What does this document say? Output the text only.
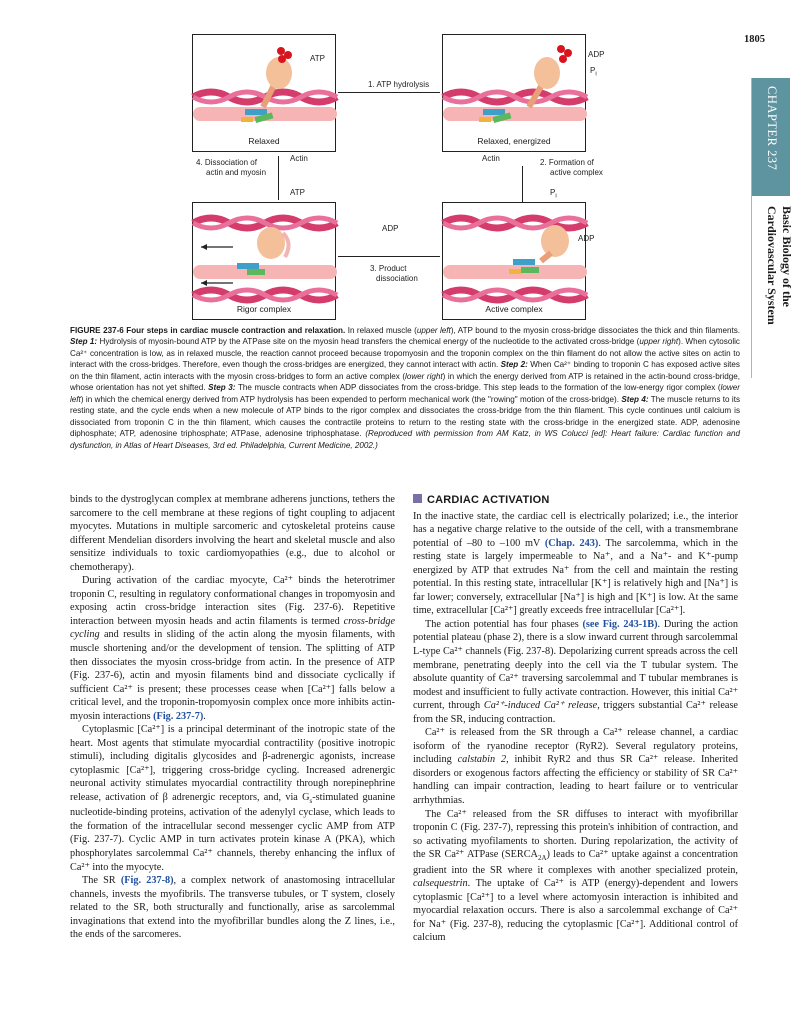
1805
CHAPTER 237
Basic Biology of the Cardiovascular System
Relaxed	Relaxed, energized
Rigor complex	Active complex
ATP	ADP
$P_i$
1. ATP hydrolysis
4. Dissociation of
actin and myosin
Actin
ATP
Actin	2. Formation of
active complex
$P_i$
ADP
ADP
3. Product
dissociation
FIGURE 237-6 Four steps in cardiac muscle contraction and relaxation. In relaxed muscle (upper left), ATP bound to the myosin cross-bridge dissociates the thick and thin filaments. Step 1: Hydrolysis of myosin-bound ATP by the ATPase site on the myosin head transfers the chemical energy of the nucleotide to the activated cross-bridge (upper right). When cytosolic Ca²⁺ concentration is low, as in relaxed muscle, the reaction cannot proceed because tropomyosin and the troponin complex on the thin filament do not allow the active sites on actin to interact with the cross-bridges. Therefore, even though the cross-bridges are energized, they cannot interact with actin. Step 2: When Ca²⁺ binding to troponin C has exposed active sites on the thin filament, actin interacts with the myosin cross-bridges to form an active complex (lower right) in which the energy derived from ATP is retained in the actin-bound cross-bridge, whose orientation has not yet shifted. Step 3: The muscle contracts when ADP dissociates from the cross-bridge. This step leads to the formation of the low-energy rigor complex (lower left) in which the chemical energy derived from ATP hydrolysis has been expended to perform mechanical work (the "rowing" motion of the cross-bridge). Step 4: The muscle returns to its resting state, and the cycle ends when a new molecule of ATP binds to the rigor complex and dissociates the cross-bridge from the thin filament. This cycle continues until calcium is dissociated from troponin C in the thin filament, which causes the contractile proteins to return to the resting state with the cross-bridge in the energized state. ADP, adenosine diphosphate; ATP, adenosine triphosphate; ATPase, adenosine triphosphatase. (Reproduced with permission from AM Katz, in WS Colucci [ed]: Heart failure: Cardiac function and dysfunction, in Atlas of Heart Diseases, 3rd ed. Philadelphia, Current Medicine, 2002.)

binds to the dystroglycan complex at membrane adherens junctions, tethers the sarcomere to the cell membrane at these regions of tight coupling to adjacent myocytes. Mutations in multiple sarcomeric and cytoskeletal proteins cause different Mendelian disorders involving the heart and skeletal muscle and also sensitize individuals to toxic cardiomyopathies (e.g., due to alcohol or chemotherapy).

During activation of the cardiac myocyte, Ca²⁺ binds the heterotrimer troponin C, resulting in regulatory conformational changes in tropomyosin and exposing actin cross-bridge interaction sites (Fig. 237-6). Repetitive interaction between myosin heads and actin filaments is termed cross-bridge cycling and results in sliding of the actin along the myosin filaments, with muscle shortening and/or the development of tension. The splitting of ATP then dissociates the myosin cross-bridge from actin. In the presence of ATP (Fig. 237-6), actin and myosin filaments bind and dissociate cyclically if sufficient Ca²⁺ is present; these processes cease when [Ca²⁺] falls below a critical level, and the troponin-tropomyosin complex once more inhibits actin-myosin interactions (Fig. 237-7).

Cytoplasmic [Ca²⁺] is a principal determinant of the inotropic state of the heart. Most agents that stimulate myocardial contractility (positive inotropic stimuli), including digitalis glycosides and β-adrenergic agonists, increase cytoplasmic [Ca²⁺], triggering cross-bridge cycling. Increased adrenergic neuronal activity stimulates myocardial contractility through norepinephrine release, activation of β adrenergic receptors, and, via $G_s$-stimulated guanine nucleotide-binding proteins, activation of the adenylyl cyclase, which leads to the formation of the intracellular second messenger cyclic AMP from ATP (Fig. 237-7). Cyclic AMP in turn activates protein kinase A (PKA), which phosphorylates sarcolemmal Ca²⁺ channels, thereby enhancing the influx of Ca²⁺ into the myocyte.

The SR (Fig. 237-8), a complex network of anastomosing intracellular channels, invests the myofibrils. The transverse tubules, or T system, closely related to the SR, both structurally and functionally, arise as sarcolemmal invaginations that extend into the myofibrillar bundles along the Z lines, i.e., the ends of the sarcomeres.

CARDIAC ACTIVATION

In the inactive state, the cardiac cell is electrically polarized; i.e., the interior has a negative charge relative to the outside of the cell, with a transmembrane potential of –80 to –100 mV (Chap. 243). The sarcolemma, which in the resting state is largely impermeable to Na⁺, and a Na⁺- and K⁺-pump energized by ATP that extrudes Na⁺ from the cell and maintain the resting potential. In this resting state, intracellular [K⁺] is relatively high and [Na⁺] is far lower; conversely, extracellular [Na⁺] is high and [K⁺] is low. At the same time, extracellular [Ca²⁺] greatly exceeds free intracellular [Ca²⁺].

The action potential has four phases (see Fig. 243-1B). During the action potential plateau (phase 2), there is a slow inward current through sarcolemmal L-type Ca²⁺ channels (Fig. 237-8). Depolarizing current spreads across the cell membrane, penetrating deeply into the cell via the T tubular system. The absolute quantity of Ca²⁺ traversing sarcolemmal and T tubular membranes is modest and insufficient to fully activate contraction. However, this initial Ca²⁺ current, through Ca²⁺-induced Ca²⁺ release, triggers substantial Ca²⁺ release from the SR, inducing contraction.

Ca²⁺ is released from the SR through a Ca²⁺ release channel, a cardiac isoform of the ryanodine receptor (RyR2). Several regulatory proteins, including calstabin 2, inhibit RyR2 and thus SR Ca²⁺ release. Inherited disorders or exogenous factors affecting the efficiency or stability of SR Ca²⁺ handling can impair contraction, leading to heart failure or to ventricular arrhythmias.

The Ca²⁺ released from the SR diffuses to interact with myofibrillar troponin C (Fig. 237-7), repressing this protein's inhibition of contraction, and so activating myofilaments to shorten. During repolarization, the activity of the SR Ca²⁺ ATPase $(SERCA_{2A})$ leads to Ca²⁺ uptake against a concentration gradient into the SR where it complexes with another specialized protein, calsequestrin. The uptake of Ca²⁺ is ATP (energy)-dependent and lowers cytoplasmic [Ca²⁺] to a level where actomyosin interaction is inhibited and myocardial relaxation occurs. There is also a sarcolemmal exchange of Ca²⁺ for Na⁺ (Fig. 237-8), reducing the cytoplasmic [Ca²⁺]. Additional control of calcium
